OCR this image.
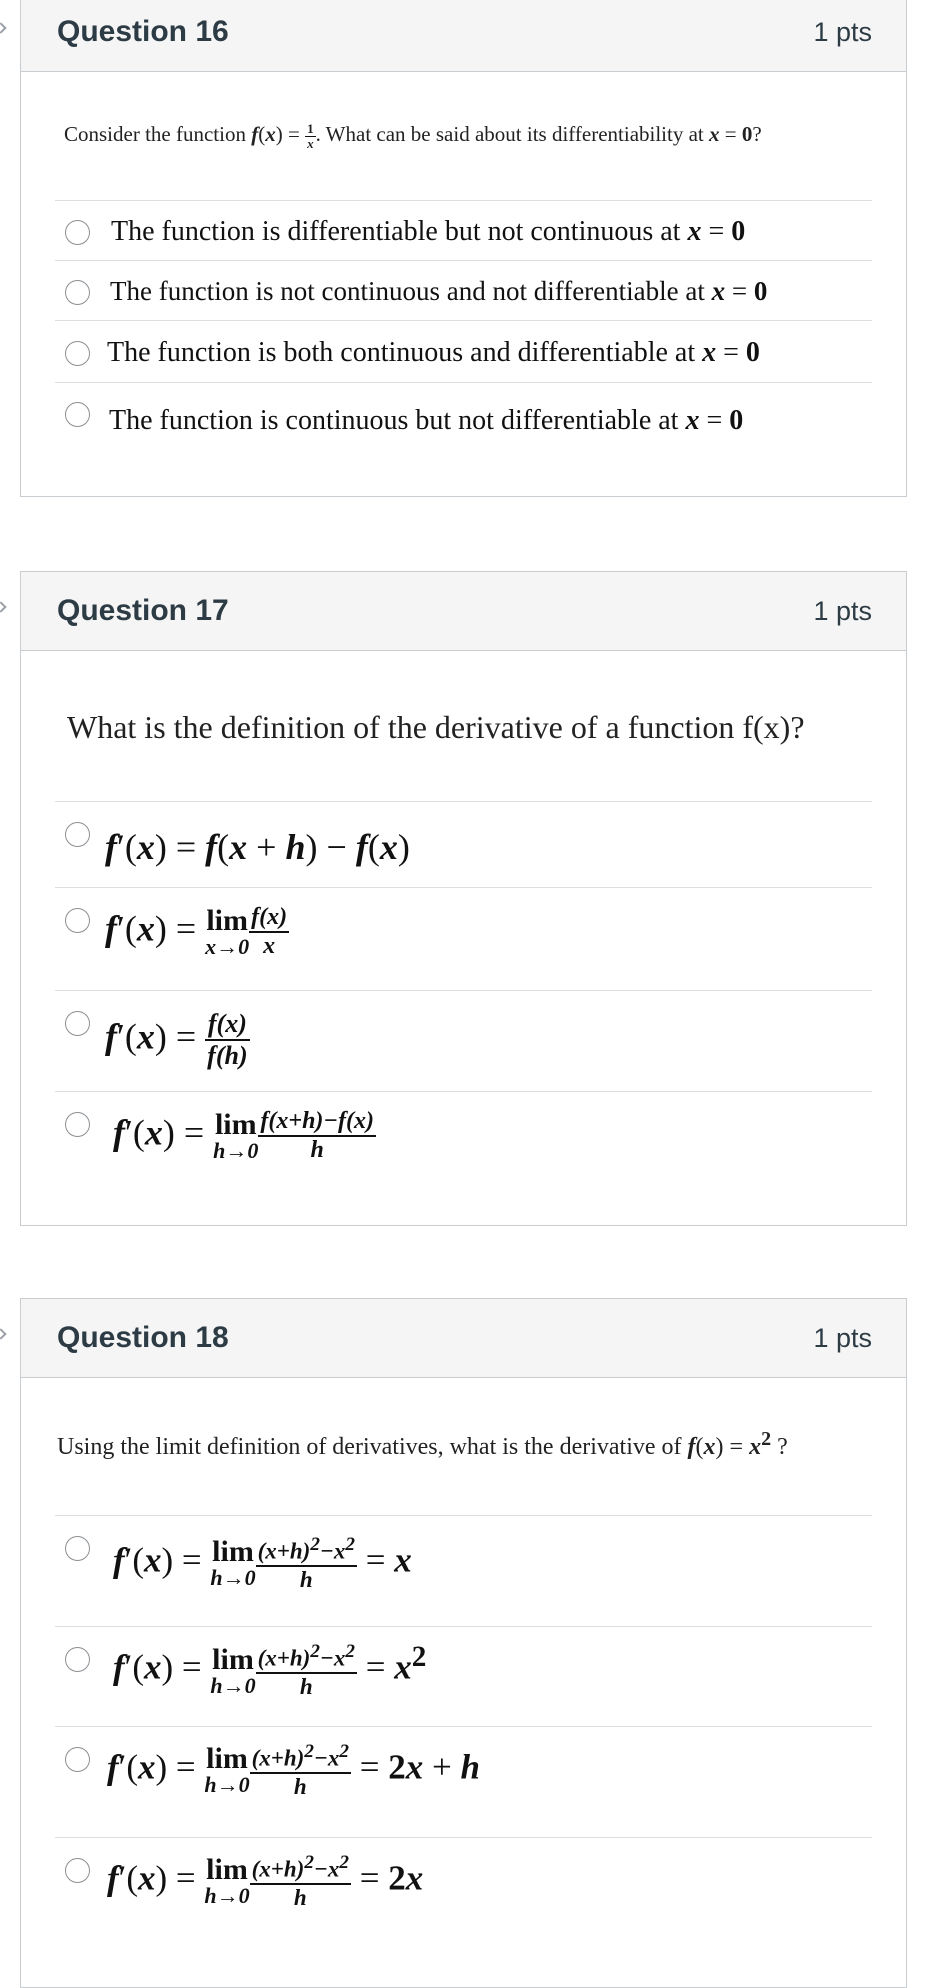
Question 16	1 pts
Consider the function $f(x) = \frac{1}{x}$ . What can be said about its differentiability at x = 0?
The function is differentiable but not continuous at x = 0
The function is not continuous and not differentiable at x = 0
The function is both continuous and differentiable at x = 0
The function is continuous but not differentiable at x = 0
Question 17	1 pts
What is the definition of the derivative of a function f(x)?
f′(x) = f(x + h) − f(x)
f′(x) = lim
$x\to 0 \frac{f(x)}{x}$
$f'(x) = \frac{f(x)}{f(h)}$
f′(x) = lim
$h\to 0 \frac{f(x+h)-f(x)}{h}$
Question 18	1 pts
Using the limit definition of derivatives, what is the derivative of $f(x) = x^2$ ?
f′(x) = lim
$h\to 0 \frac{(x+h)^2-x^2}{h} = x$
f′(x) = lim
$h\to 0 \frac{(x+h)^2-x^2}{h} = x^2$
f′(x) = lim
$h\to 0 \frac{(x+h)^2-x^2}{h} = 2x + h$
f′(x) = lim
$h\to 0 \frac{(x+h)^2-x^2}{h} = 2x$
